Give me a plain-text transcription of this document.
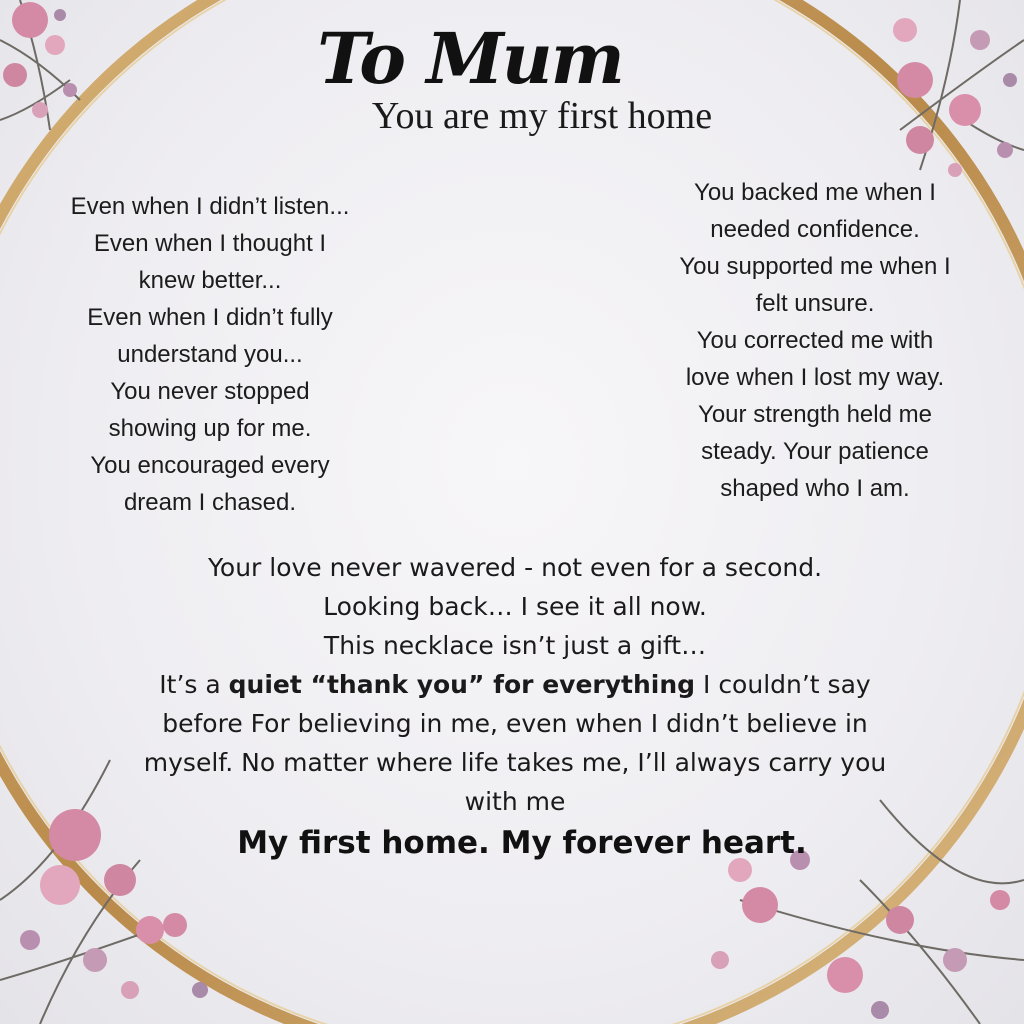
To Mum
You are my first home
Even when I didn’t listen...
Even when I thought I
knew better...
Even when I didn’t fully
understand you...
You never stopped
showing up for me.
You encouraged every
dream I chased.
You backed me when I
needed confidence.
You supported me when I
felt unsure.
You corrected me with
love when I lost my way.
Your strength held me
steady. Your patience
shaped who I am.
Your love never wavered - not even for a second.
Looking back… I see it all now.
This necklace isn’t just a gift…
It’s a quiet “thank you” for everything I couldn’t say
before For believing in me, even when I didn’t believe in
myself. No matter where life takes me, I’ll always carry you
with me
My first home. My forever heart.
